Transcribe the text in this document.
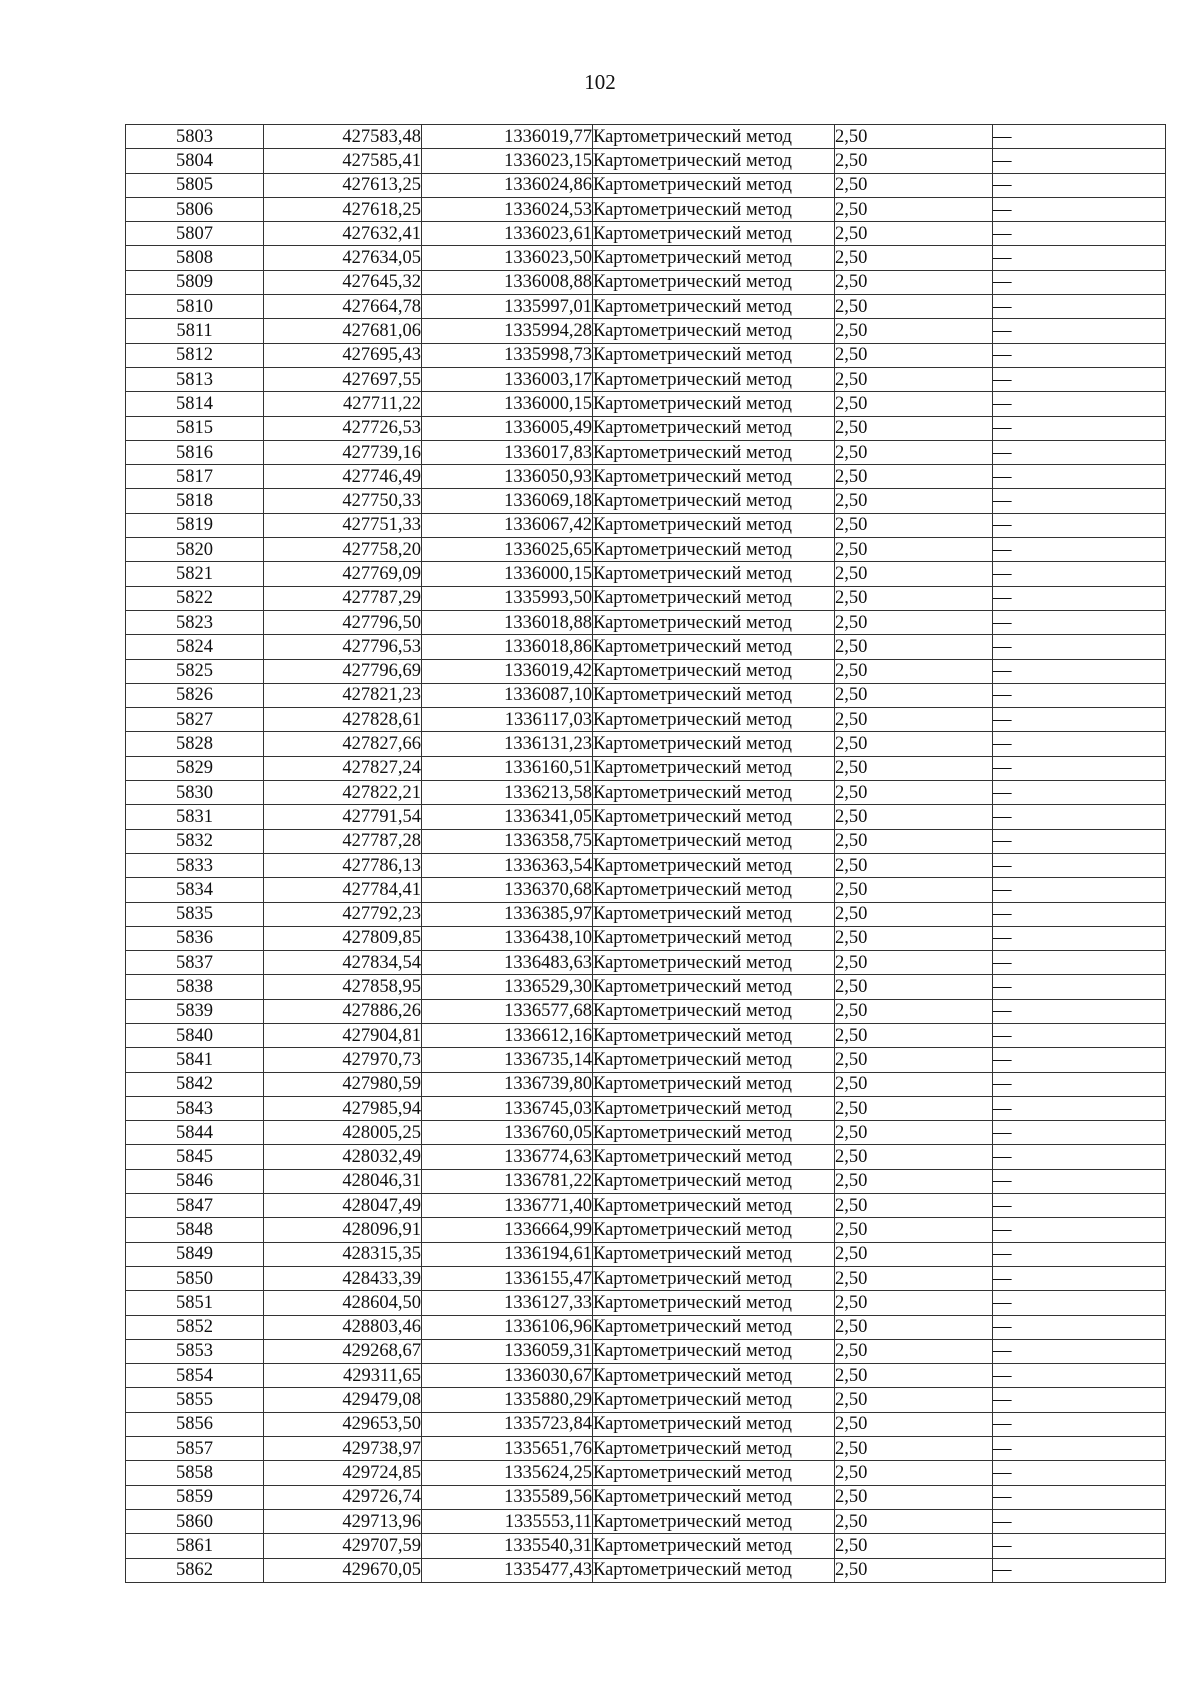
102
5803	427583,48	1336019,77	Картометрический метод	2,50	—
5804	427585,41	1336023,15	Картометрический метод	2,50	—
5805	427613,25	1336024,86	Картометрический метод	2,50	—
5806	427618,25	1336024,53	Картометрический метод	2,50	—
5807	427632,41	1336023,61	Картометрический метод	2,50	—
5808	427634,05	1336023,50	Картометрический метод	2,50	—
5809	427645,32	1336008,88	Картометрический метод	2,50	—
5810	427664,78	1335997,01	Картометрический метод	2,50	—
5811	427681,06	1335994,28	Картометрический метод	2,50	—
5812	427695,43	1335998,73	Картометрический метод	2,50	—
5813	427697,55	1336003,17	Картометрический метод	2,50	—
5814	427711,22	1336000,15	Картометрический метод	2,50	—
5815	427726,53	1336005,49	Картометрический метод	2,50	—
5816	427739,16	1336017,83	Картометрический метод	2,50	—
5817	427746,49	1336050,93	Картометрический метод	2,50	—
5818	427750,33	1336069,18	Картометрический метод	2,50	—
5819	427751,33	1336067,42	Картометрический метод	2,50	—
5820	427758,20	1336025,65	Картометрический метод	2,50	—
5821	427769,09	1336000,15	Картометрический метод	2,50	—
5822	427787,29	1335993,50	Картометрический метод	2,50	—
5823	427796,50	1336018,88	Картометрический метод	2,50	—
5824	427796,53	1336018,86	Картометрический метод	2,50	—
5825	427796,69	1336019,42	Картометрический метод	2,50	—
5826	427821,23	1336087,10	Картометрический метод	2,50	—
5827	427828,61	1336117,03	Картометрический метод	2,50	—
5828	427827,66	1336131,23	Картометрический метод	2,50	—
5829	427827,24	1336160,51	Картометрический метод	2,50	—
5830	427822,21	1336213,58	Картометрический метод	2,50	—
5831	427791,54	1336341,05	Картометрический метод	2,50	—
5832	427787,28	1336358,75	Картометрический метод	2,50	—
5833	427786,13	1336363,54	Картометрический метод	2,50	—
5834	427784,41	1336370,68	Картометрический метод	2,50	—
5835	427792,23	1336385,97	Картометрический метод	2,50	—
5836	427809,85	1336438,10	Картометрический метод	2,50	—
5837	427834,54	1336483,63	Картометрический метод	2,50	—
5838	427858,95	1336529,30	Картометрический метод	2,50	—
5839	427886,26	1336577,68	Картометрический метод	2,50	—
5840	427904,81	1336612,16	Картометрический метод	2,50	—
5841	427970,73	1336735,14	Картометрический метод	2,50	—
5842	427980,59	1336739,80	Картометрический метод	2,50	—
5843	427985,94	1336745,03	Картометрический метод	2,50	—
5844	428005,25	1336760,05	Картометрический метод	2,50	—
5845	428032,49	1336774,63	Картометрический метод	2,50	—
5846	428046,31	1336781,22	Картометрический метод	2,50	—
5847	428047,49	1336771,40	Картометрический метод	2,50	—
5848	428096,91	1336664,99	Картометрический метод	2,50	—
5849	428315,35	1336194,61	Картометрический метод	2,50	—
5850	428433,39	1336155,47	Картометрический метод	2,50	—
5851	428604,50	1336127,33	Картометрический метод	2,50	—
5852	428803,46	1336106,96	Картометрический метод	2,50	—
5853	429268,67	1336059,31	Картометрический метод	2,50	—
5854	429311,65	1336030,67	Картометрический метод	2,50	—
5855	429479,08	1335880,29	Картометрический метод	2,50	—
5856	429653,50	1335723,84	Картометрический метод	2,50	—
5857	429738,97	1335651,76	Картометрический метод	2,50	—
5858	429724,85	1335624,25	Картометрический метод	2,50	—
5859	429726,74	1335589,56	Картометрический метод	2,50	—
5860	429713,96	1335553,11	Картометрический метод	2,50	—
5861	429707,59	1335540,31	Картометрический метод	2,50	—
5862	429670,05	1335477,43	Картометрический метод	2,50	—
